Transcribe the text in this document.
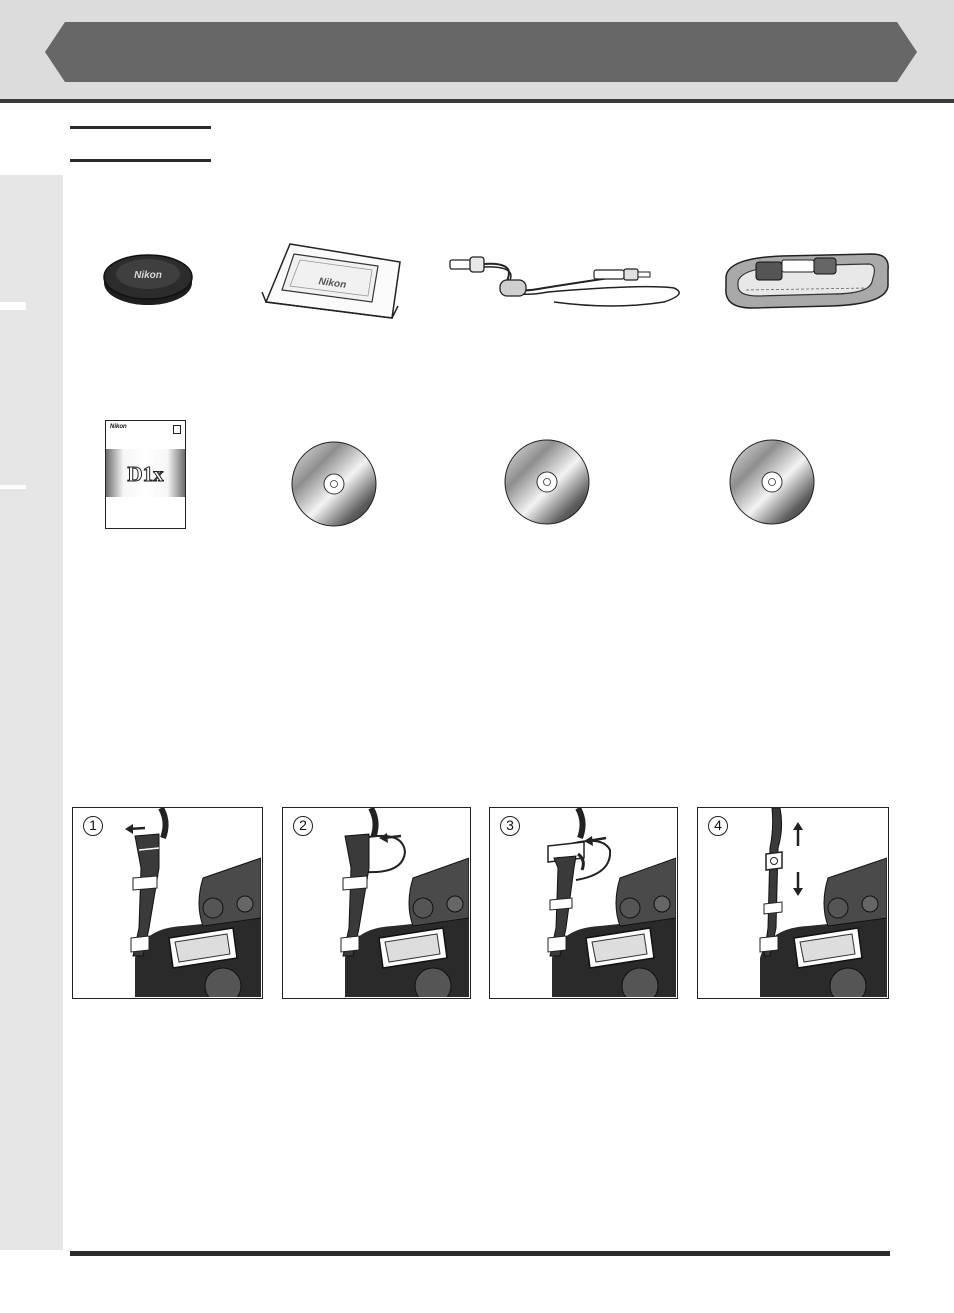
Nikon
Nikon
Nikon
D1x
1	2	3	4
